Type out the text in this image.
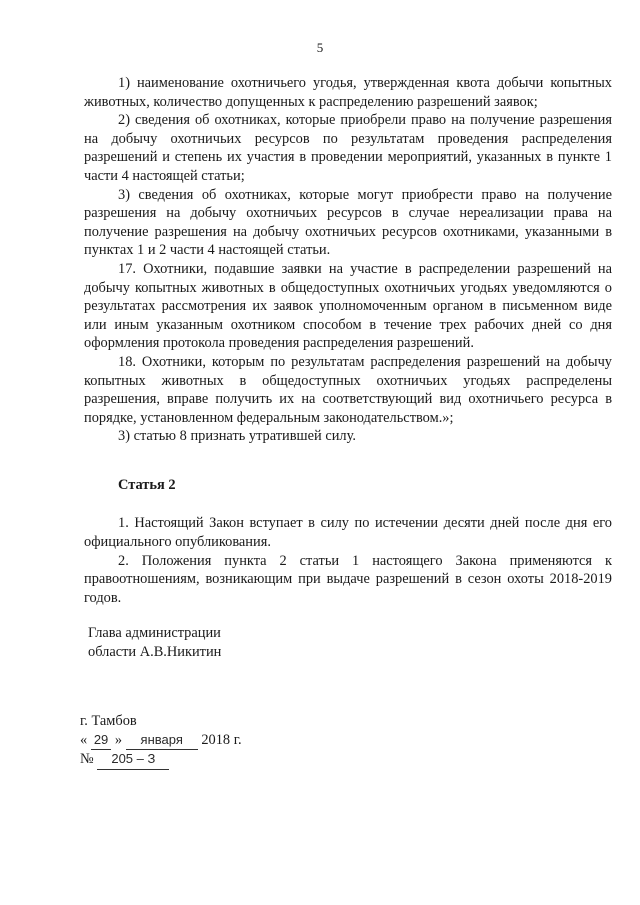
5

1) наименование охотничьего угодья, утвержденная квота добычи копытных животных, количество допущенных к распределению разрешений заявок;

2) сведения об охотниках, которые приобрели право на получение разрешения на добычу охотничьих ресурсов по результатам проведения распределения разрешений и степень их участия в проведении мероприятий, указанных в пункте 1 части 4 настоящей статьи;

3) сведения об охотниках, которые могут приобрести право на получение разрешения на добычу охотничьих ресурсов в случае нереализации права на получение разрешения на добычу охотничьих ресурсов охотниками, указанными в пунктах 1 и 2 части 4 настоящей статьи.

17. Охотники, подавшие заявки на участие в распределении разрешений на добычу копытных животных в общедоступных охотничьих угодьях уведомляются о результатах рассмотрения их заявок уполномоченным органом в письменном виде или иным указанным охотником способом в течение трех рабочих дней со дня оформления протокола проведения распределения разрешений.

18. Охотники, которым по результатам распределения разрешений на добычу копытных животных в общедоступных охотничьих угодьях распределены разрешения, вправе получить их на соответствующий вид охотничьего ресурса в порядке, установленном федеральным законодательством.»;

3) статью 8 признать утратившей силу.

Статья 2

1. Настоящий Закон вступает в силу по истечении десяти дней после дня его официального опубликования.

2. Положения пункта 2 статьи 1 настоящего Закона применяются к правоотношениям, возникающим при выдаче разрешений в сезон охоты 2018-2019 годов.

Глава администрации
области А.В.Никитин
г. Тамбов
« 29 » января 2018 г.
№ 205 – З
